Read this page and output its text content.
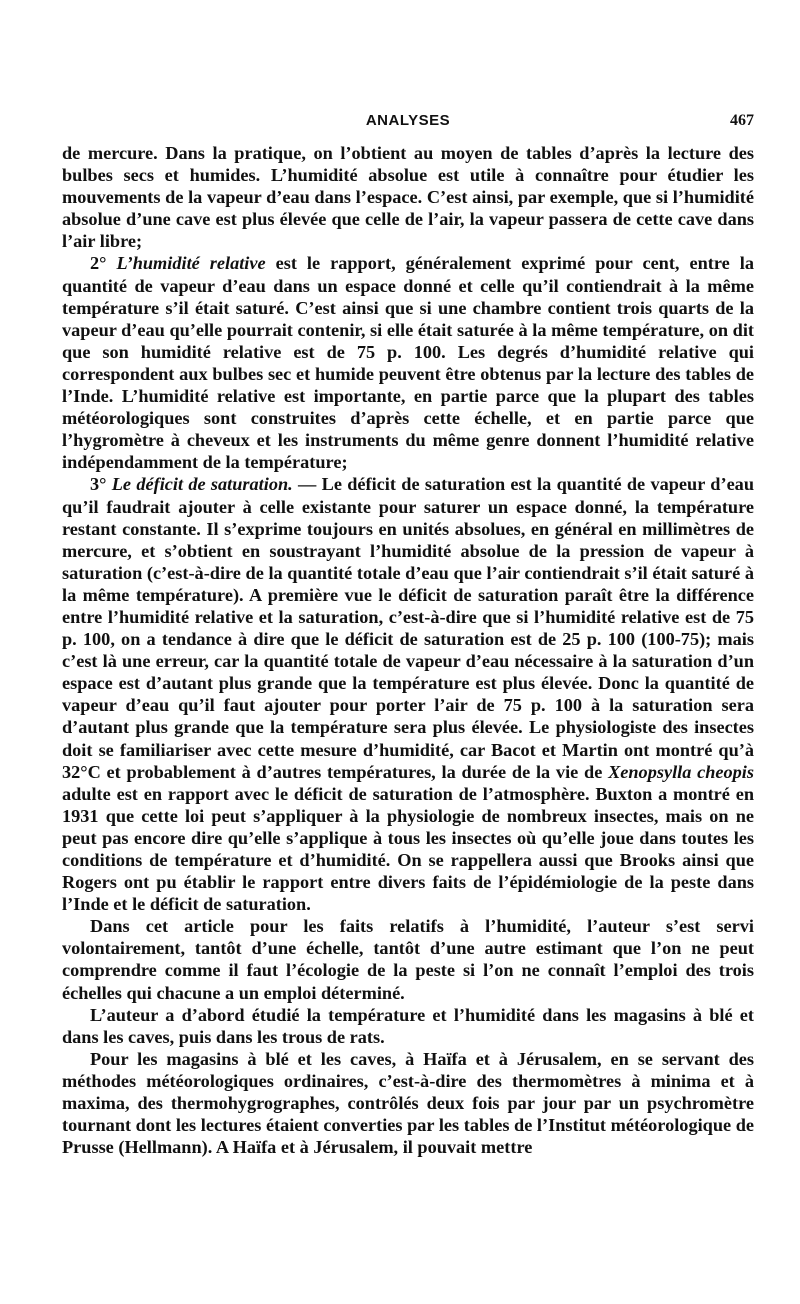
ANALYSES	467

de mercure. Dans la pratique, on l’obtient au moyen de tables d’après la lecture des bulbes secs et humides. L’humidité absolue est utile à connaître pour étudier les mouvements de la vapeur d’eau dans l’espace. C’est ainsi, par exemple, que si l’humidité absolue d’une cave est plus élevée que celle de l’air, la vapeur passera de cette cave dans l’air libre;

2° L’humidité relative est le rapport, généralement exprimé pour cent, entre la quantité de vapeur d’eau dans un espace donné et celle qu’il contiendrait à la même température s’il était saturé. C’est ainsi que si une chambre contient trois quarts de la vapeur d’eau qu’elle pourrait contenir, si elle était saturée à la même température, on dit que son humidité relative est de 75 p. 100. Les degrés d’humidité relative qui correspondent aux bulbes sec et humide peuvent être obtenus par la lecture des tables de l’Inde. L’humidité relative est importante, en partie parce que la plupart des tables météorologiques sont construites d’après cette échelle, et en partie parce que l’hygromètre à cheveux et les instruments du même genre donnent l’humidité relative indépendamment de la température;

3° Le déficit de saturation. — Le déficit de saturation est la quantité de vapeur d’eau qu’il faudrait ajouter à celle existante pour saturer un espace donné, la température restant constante. Il s’exprime toujours en unités absolues, en général en millimètres de mercure, et s’obtient en soustrayant l’humidité absolue de la pression de vapeur à saturation (c’est-à-dire de la quantité totale d’eau que l’air contiendrait s’il était saturé à la même température). A première vue le déficit de saturation paraît être la différence entre l’humidité relative et la saturation, c’est-à-dire que si l’humidité relative est de 75 p. 100, on a tendance à dire que le déficit de saturation est de 25 p. 100 (100-75); mais c’est là une erreur, car la quantité totale de vapeur d’eau nécessaire à la saturation d’un espace est d’autant plus grande que la température est plus élevée. Donc la quantité de vapeur d’eau qu’il faut ajouter pour porter l’air de 75 p. 100 à la saturation sera d’autant plus grande que la température sera plus élevée. Le physiologiste des insectes doit se familiariser avec cette mesure d’humidité, car Bacot et Martin ont montré qu’à 32°C et probablement à d’autres températures, la durée de la vie de Xenopsylla cheopis adulte est en rapport avec le déficit de saturation de l’atmosphère. Buxton a montré en 1931 que cette loi peut s’appliquer à la physiologie de nombreux insectes, mais on ne peut pas encore dire qu’elle s’applique à tous les insectes où qu’elle joue dans toutes les conditions de température et d’humidité. On se rappellera aussi que Brooks ainsi que Rogers ont pu établir le rapport entre divers faits de l’épidémiologie de la peste dans l’Inde et le déficit de saturation.

Dans cet article pour les faits relatifs à l’humidité, l’auteur s’est servi volontairement, tantôt d’une échelle, tantôt d’une autre estimant que l’on ne peut comprendre comme il faut l’écologie de la peste si l’on ne connaît l’emploi des trois échelles qui chacune a un emploi déterminé.

L’auteur a d’abord étudié la température et l’humidité dans les magasins à blé et dans les caves, puis dans les trous de rats.

Pour les magasins à blé et les caves, à Haïfa et à Jérusalem, en se servant des méthodes météorologiques ordinaires, c’est-à-dire des thermomètres à minima et à maxima, des thermohygrographes, contrôlés deux fois par jour par un psychromètre tournant dont les lectures étaient converties par les tables de l’Institut météorologique de Prusse (Hellmann). A Haïfa et à Jérusalem, il pouvait mettre
